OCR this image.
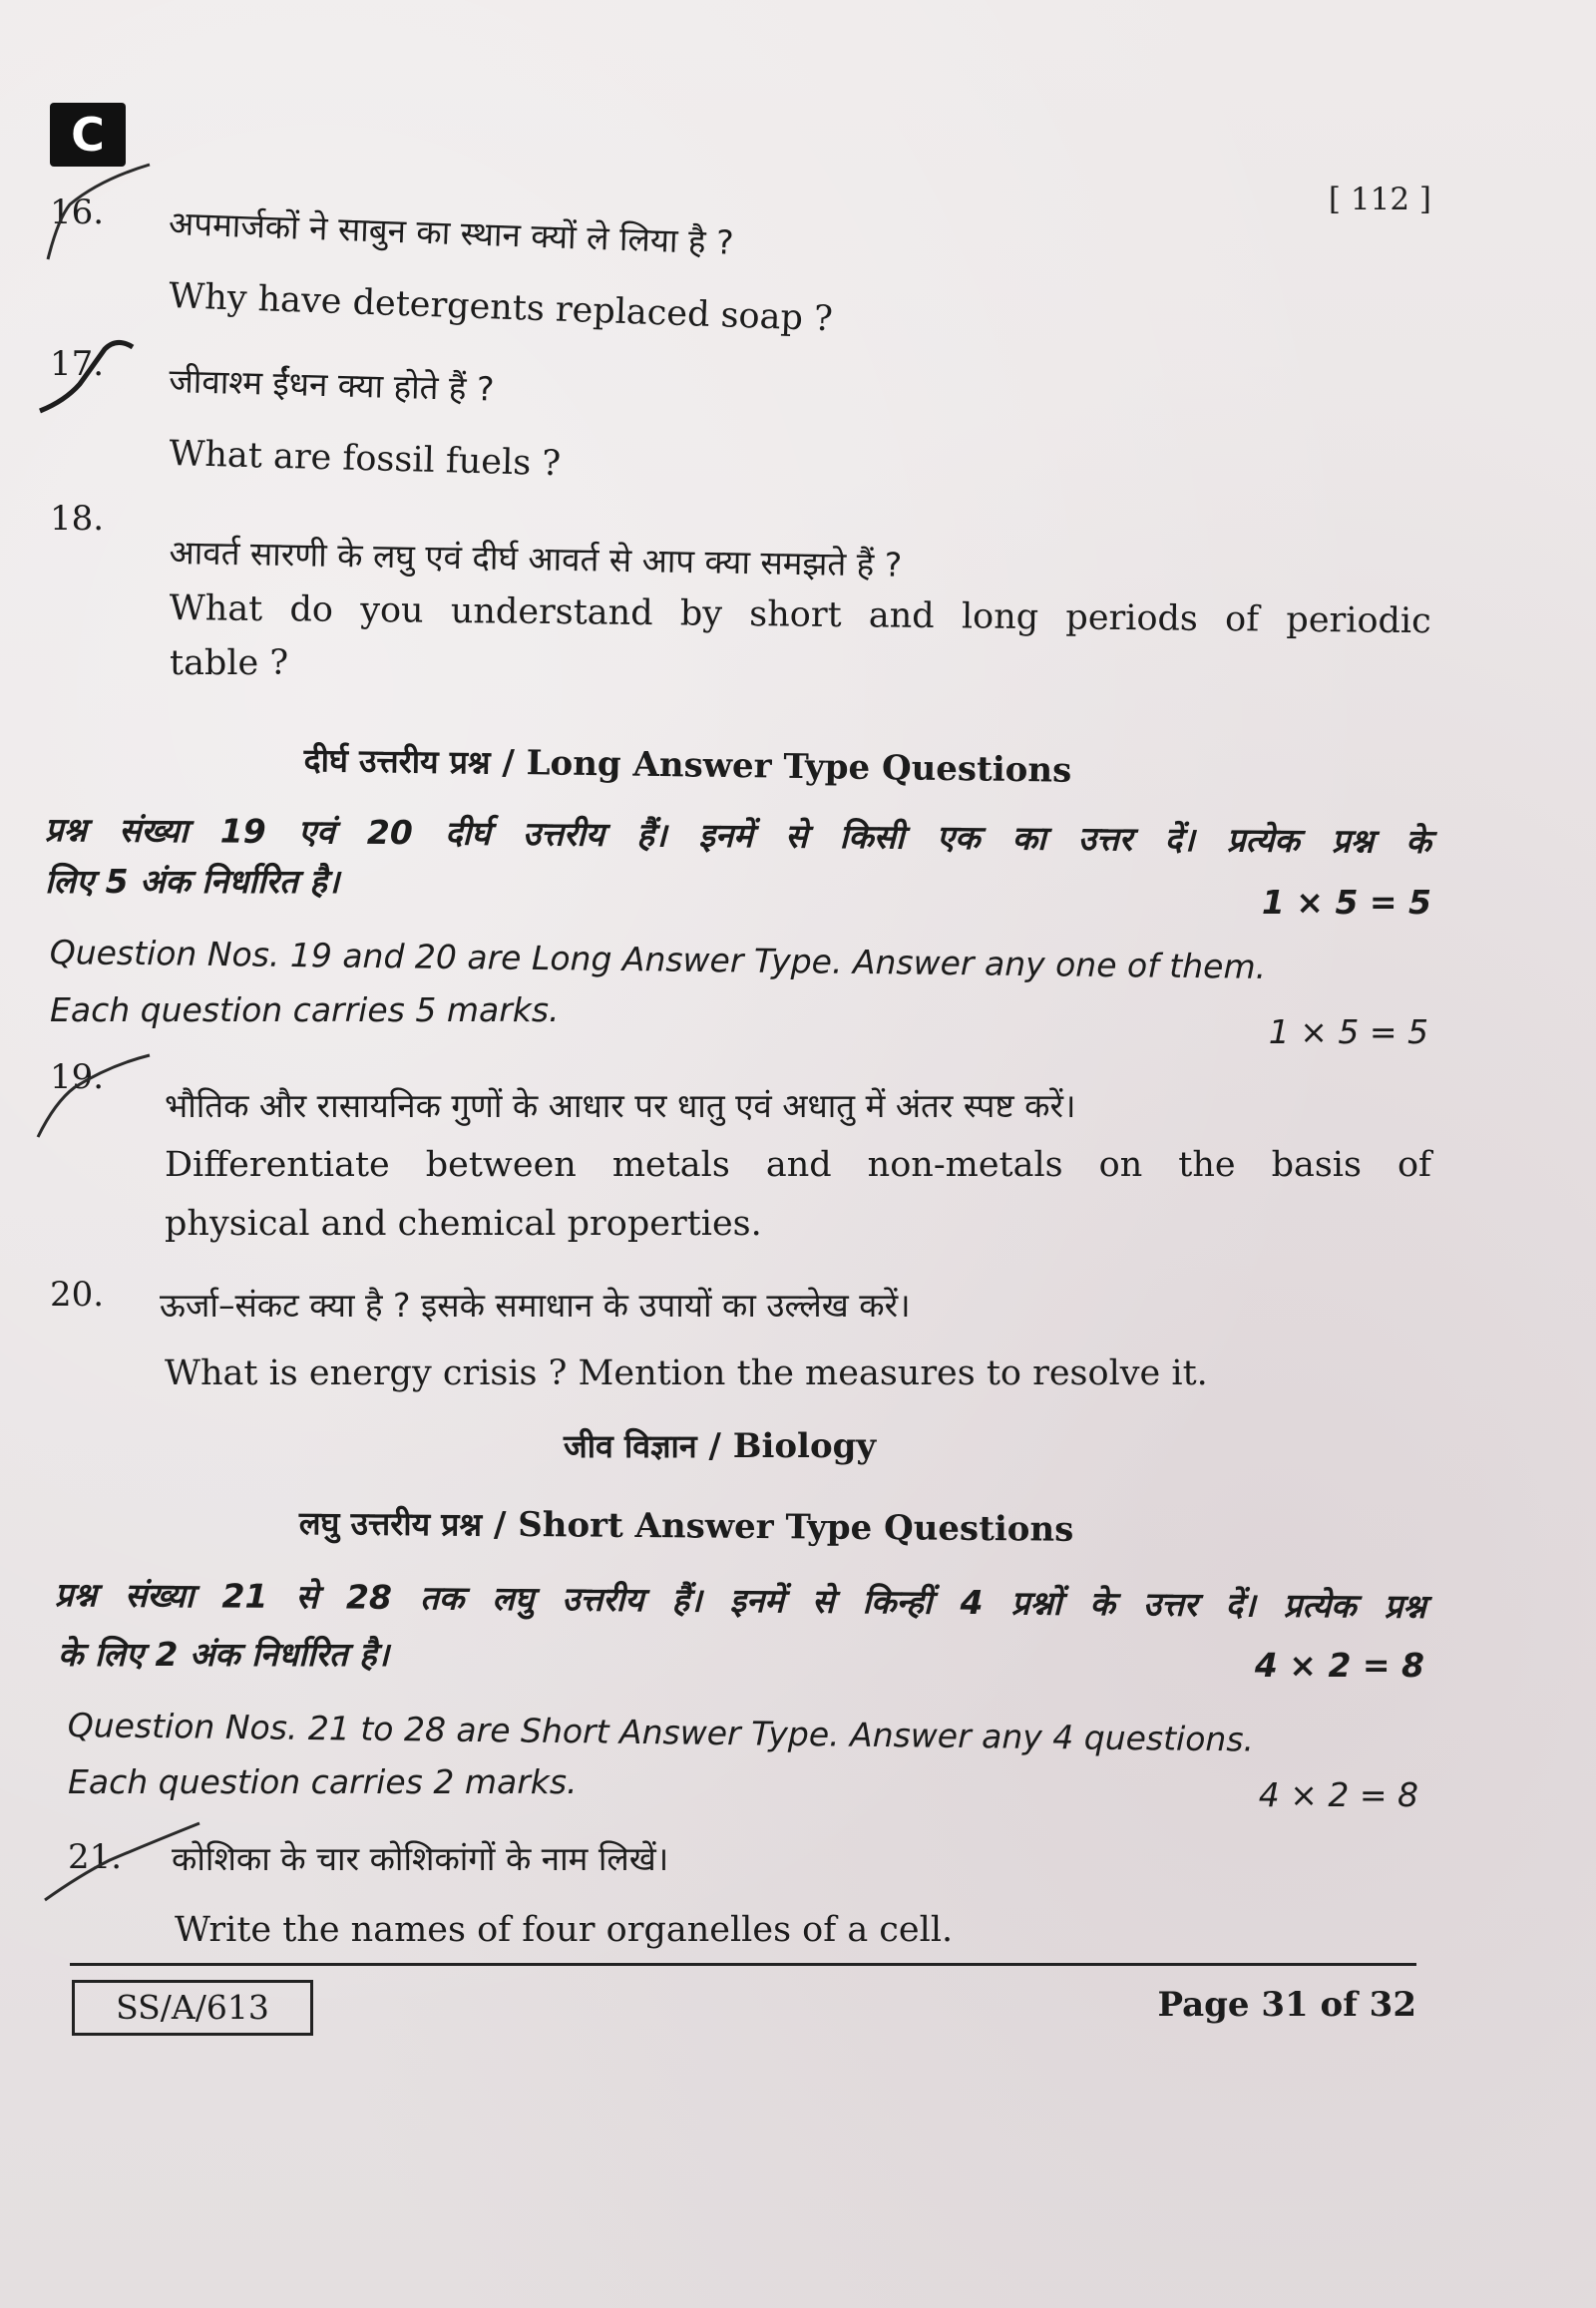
C
[ 112 ]
16. अपमार्जकों ने साबुन का स्थान क्यों ले लिया है ?
Why have detergents replaced soap ?
17. जीवाश्म ईंधन क्या होते हैं ?
What are fossil fuels ?
18.
आवर्त सारणी के लघु एवं दीर्घ आवर्त से आप क्या समझते हैं ?
What do you understand by short and long periods of periodic
table ?
दीर्घ उत्तरीय प्रश्न / Long Answer Type Questions
प्रश्न संख्या 19 एवं 20 दीर्घ उत्तरीय हैं। इनमें से किसी एक का उत्तर दें। प्रत्येक प्रश्न के
लिए 5 अंक निर्धारित है।
1 × 5 = 5
Question Nos. 19 and 20 are Long Answer Type. Answer any one of them.
Each question carries 5 marks.
1 × 5 = 5
19.
भौतिक और रासायनिक गुणों के आधार पर धातु एवं अधातु में अंतर स्पष्ट करें।
Differentiate between metals and non-metals on the basis of
physical and chemical properties.
20. ऊर्जा–संकट क्या है ? इसके समाधान के उपायों का उल्लेख करें।
What is energy crisis ? Mention the measures to resolve it.
जीव विज्ञान / Biology
लघु उत्तरीय प्रश्न / Short Answer Type Questions
प्रश्न संख्या 21 से 28 तक लघु उत्तरीय हैं। इनमें से किन्हीं 4 प्रश्नों के उत्तर दें। प्रत्येक प्रश्न
के लिए 2 अंक निर्धारित है।	4 × 2 = 8
Question Nos. 21 to 28 are Short Answer Type. Answer any 4 questions.
Each question carries 2 marks.	4 × 2 = 8
21. कोशिका के चार कोशिकांगों के नाम लिखें।
Write the names of four organelles of a cell.
SS/A/613	Page 31 of 32
